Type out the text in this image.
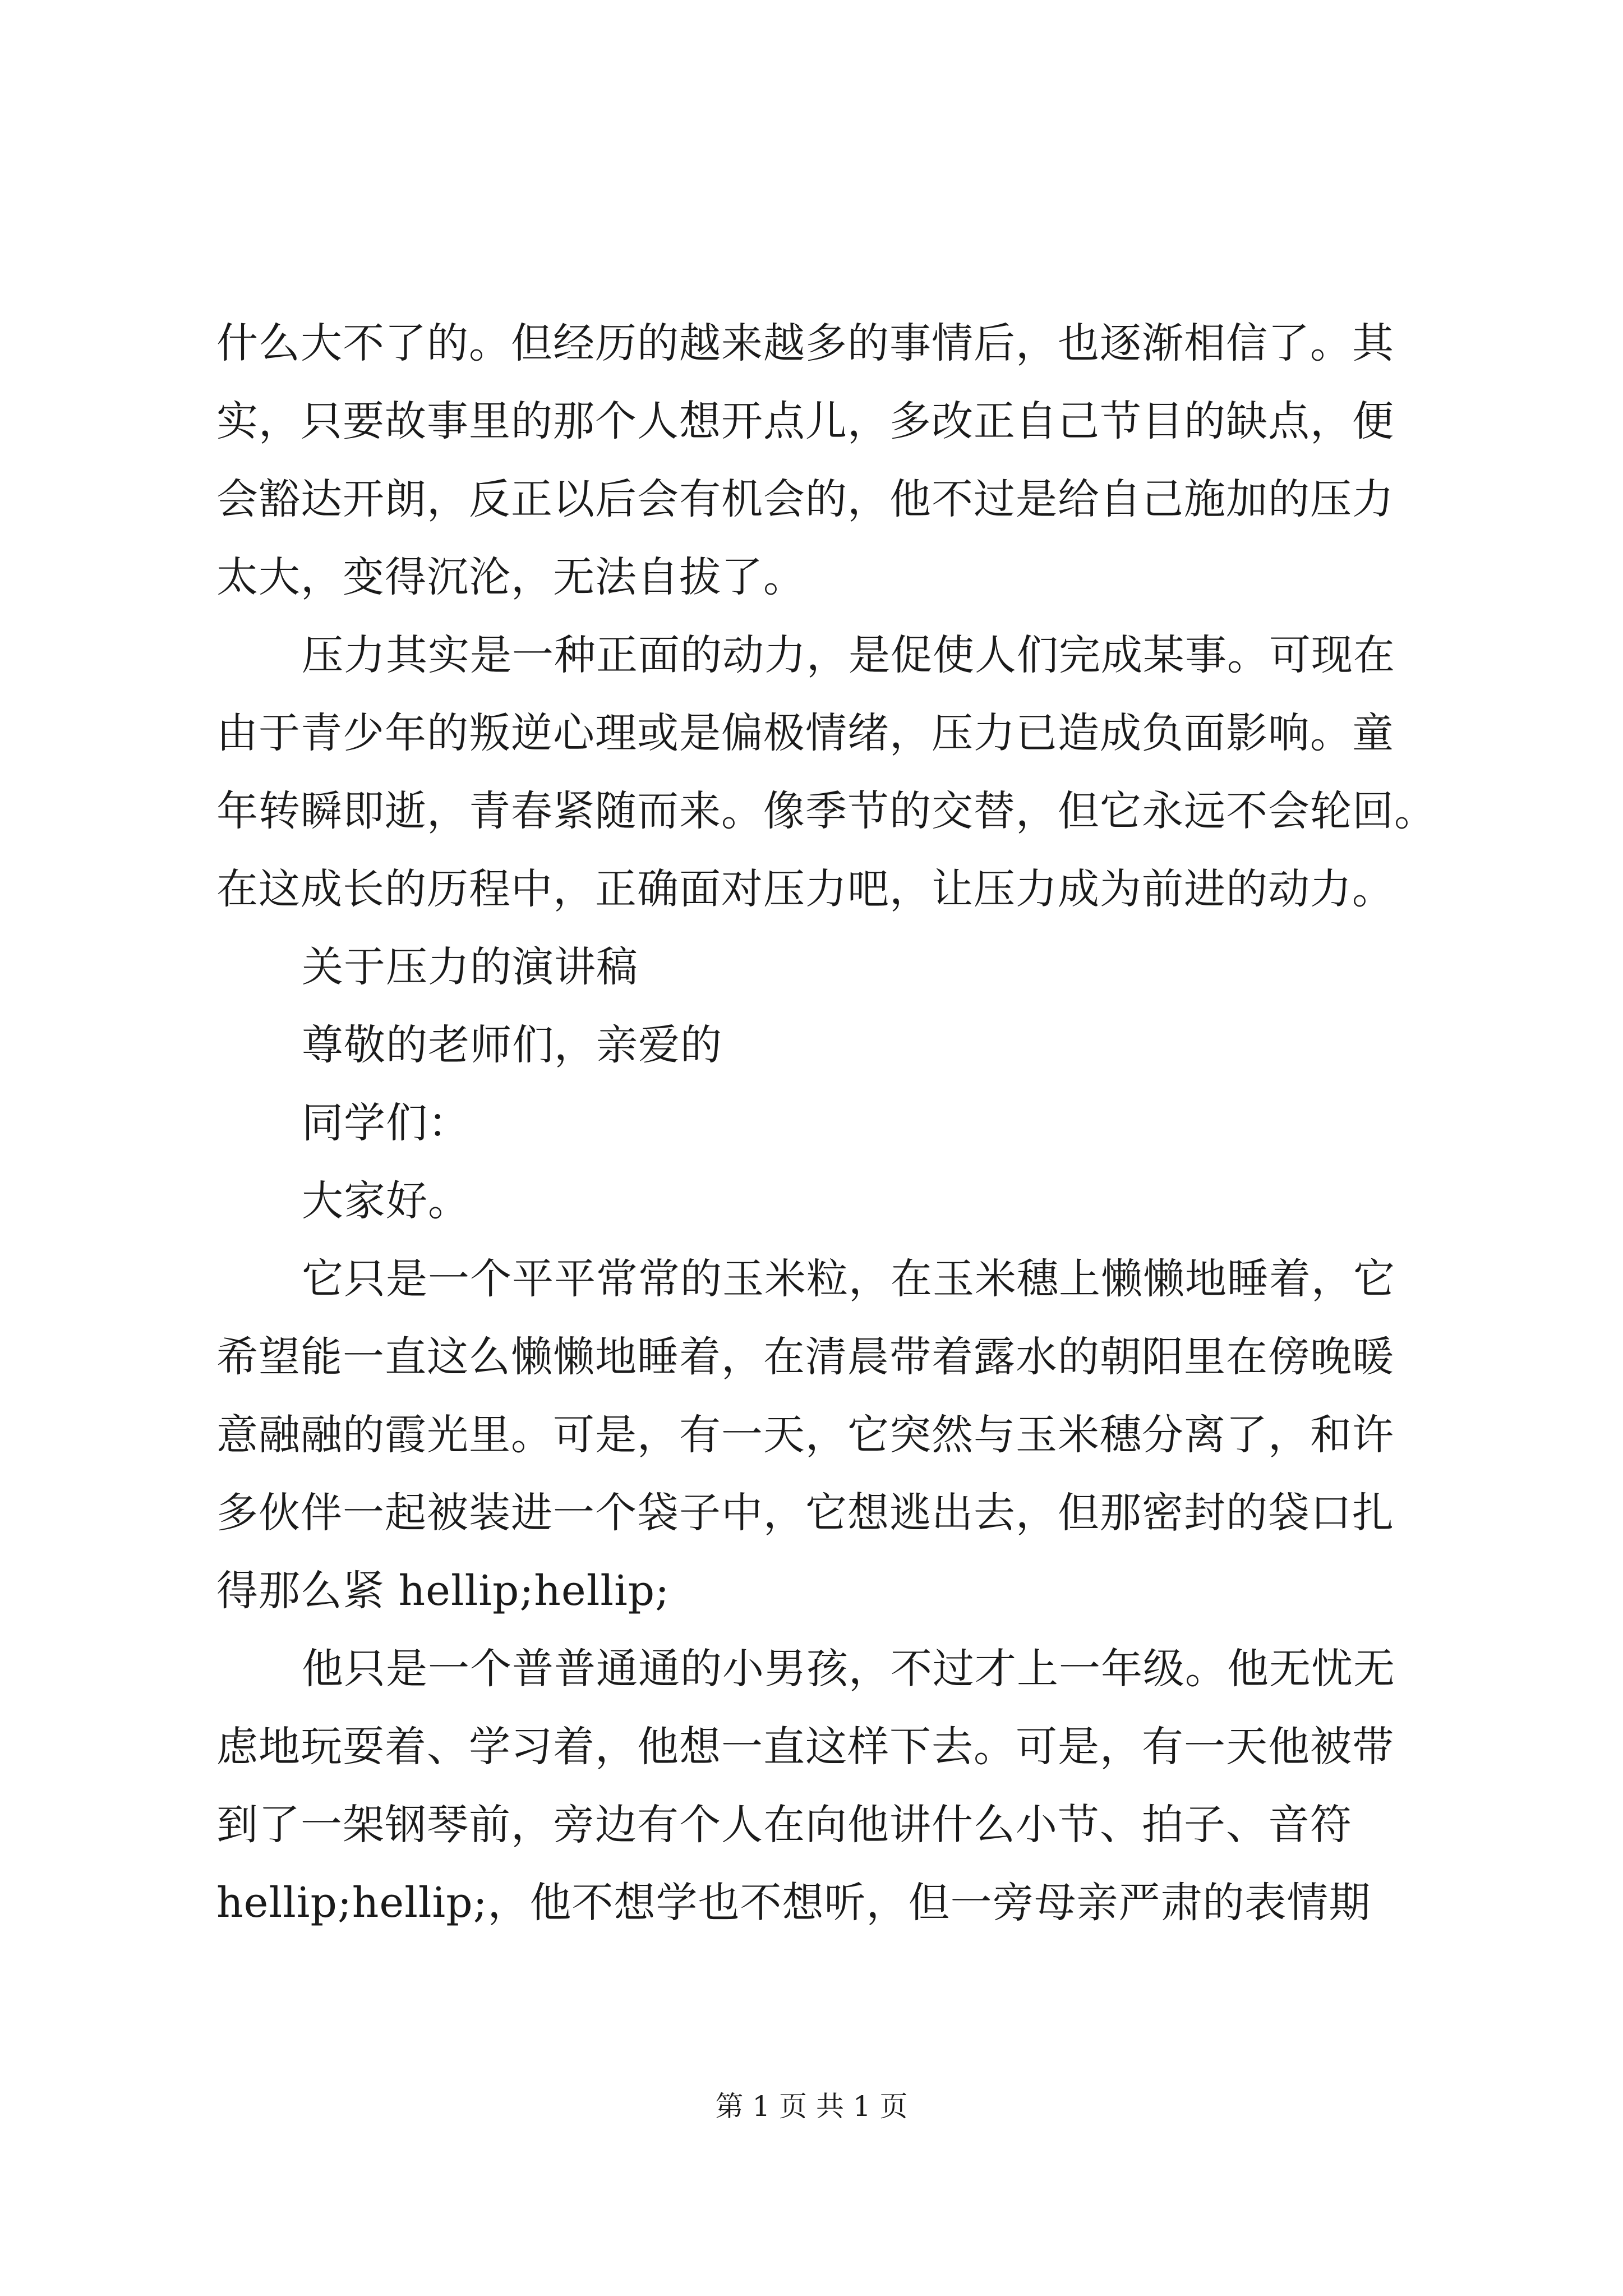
什么大不了的。但经历的越来越多的事情后，也逐渐相信了。其
实，只要故事里的那个人想开点儿，多改正自己节目的缺点，便
会豁达开朗，反正以后会有机会的，他不过是给自己施加的压力
太大，变得沉沦，无法自拔了。
压力其实是一种正面的动力，是促使人们完成某事。可现在
由于青少年的叛逆心理或是偏极情绪，压力已造成负面影响。童
年转瞬即逝，青春紧随而来。像季节的交替，但它永远不会轮回。
在这成长的历程中，正确面对压力吧，让压力成为前进的动力。
关于压力的演讲稿
尊敬的老师们，亲爱的
同学们：
大家好。
它只是一个平平常常的玉米粒，在玉米穗上懒懒地睡着，它
希望能一直这么懒懒地睡着，在清晨带着露水的朝阳里在傍晚暖
意融融的霞光里。可是，有一天，它突然与玉米穗分离了，和许
多伙伴一起被装进一个袋子中，它想逃出去，但那密封的袋口扎
得那么紧 hellip;hellip;
他只是一个普普通通的小男孩，不过才上一年级。他无忧无
虑地玩耍着、学习着，他想一直这样下去。可是，有一天他被带
到了一架钢琴前，旁边有个人在向他讲什么小节、拍子、音符
hellip;hellip;，他不想学也不想听，但一旁母亲严肃的表情期
第 1 页 共 1 页
